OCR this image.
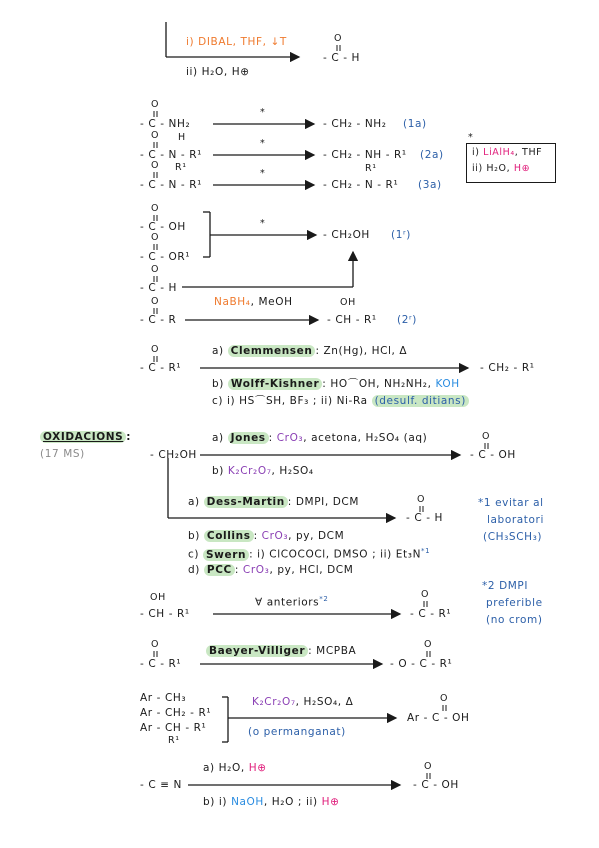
i) DIBAL, THF, ↓T
ii) H₂O, H⊕
O
- C - H
O
- C - NH₂
*
- CH₂ - NH₂ (1a)
O H
- C - N - R¹
*
- CH₂ - NH - R¹ (2a)
O R¹
- C - N - R¹
*	R¹
- CH₂ - N - R¹ (3a)
*
i) LiAlH₄, THF
ii) H₂O, H⊕
O
- C - OH
O
- C - OR¹
*
- CH₂OH (1ʳ)
O
- C - H
O
- C - R
NaBH₄, MeOH	OH
- CH - R¹ (2ʳ)
O
- C - R¹
a) Clemmensen : Zn(Hg), HCl, Δ
- CH₂ - R¹
b) Wolff-Kishner : HO⌒OH, NH₂NH₂, KOH
c) i) HS⌒SH, BF₃ ; ii) Ni-Ra (desulf. ditians)
OXIDACIONS :
(17 MS)	- CH₂OH
a) Jones : CrO₃, acetona, H₂SO₄ (aq)	O
- C - OH
b) K₂Cr₂O₇, H₂SO₄
a) Dess-Martin : DMPI, DCM	O
- C - H
b) Collins : CrO₃, py, DCM
c) Swern : i) ClCOCOCl, DMSO ; ii) $Et_3N^{*1}$
d) PCC : CrO₃, py, HCl, DCM
*1 evitar al
laboratori
(CH₃SCH₃)
*2 DMPI
preferible
(no crom)
OH
- CH - R¹
∀ anteriors$^{*2}$	O
- C - R¹
O
- C - R¹
Baeyer-Villiger : MCPBA
O
- O - C - R¹
Ar - CH₃
Ar - CH₂ - R¹
Ar - CH - R¹
R¹
K₂Cr₂O₇, H₂SO₄, Δ
(o permanganat)
O
Ar - C - OH
- C ≡ N
a) H₂O, H⊕
b) i) NaOH, H₂O ; ii) H⊕
O
- C - OH
